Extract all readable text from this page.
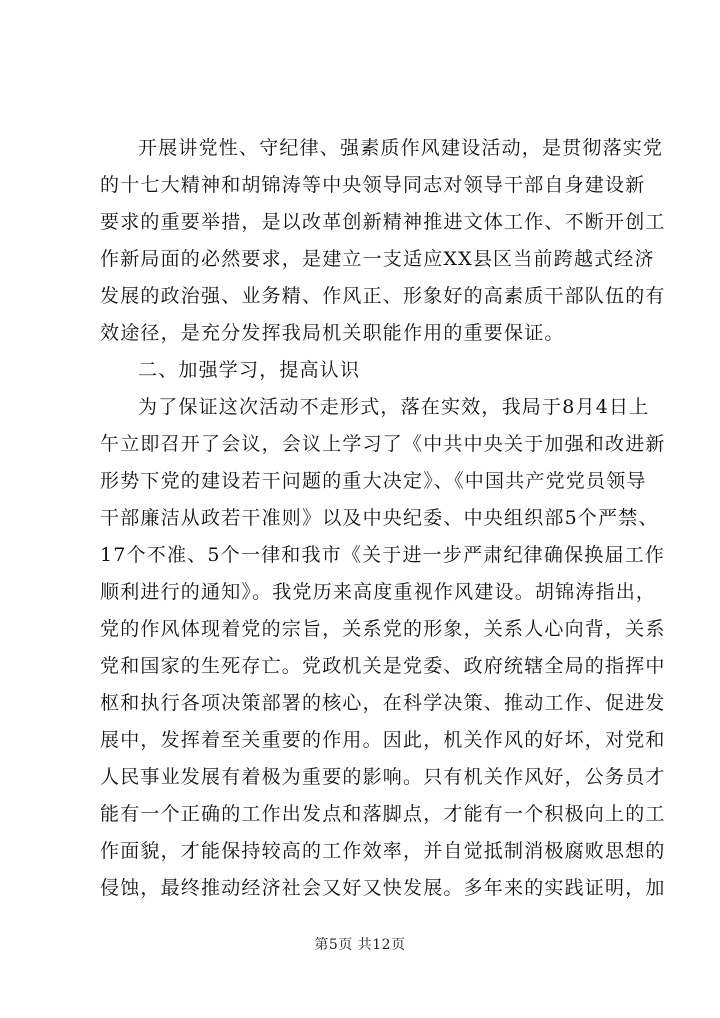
开展讲党性、守纪律、强素质作风建设活动，是贯彻落实党
的十七大精神和胡锦涛等中央领导同志对领导干部自身建设新
要求的重要举措，是以改革创新精神推进文体工作、不断开创工
作新局面的必然要求，是建立一支适应XX县区当前跨越式经济
发展的政治强、业务精、作风正、形象好的高素质干部队伍的有
效途径，是充分发挥我局机关职能作用的重要保证。
二、加强学习，提高认识
为了保证这次活动不走形式，落在实效，我局于8月4日上
午立即召开了会议，会议上学习了《中共中央关于加强和改进新
形势下党的建设若干问题的重大决定》、《中国共产党党员领导
干部廉洁从政若干准则》以及中央纪委、中央组织部5个严禁、
17个不准、5个一律和我市《关于进一步严肃纪律确保换届工作
顺利进行的通知》。我党历来高度重视作风建设。胡锦涛指出，
党的作风体现着党的宗旨，关系党的形象，关系人心向背，关系
党和国家的生死存亡。党政机关是党委、政府统辖全局的指挥中
枢和执行各项决策部署的核心，在科学决策、推动工作、促进发
展中，发挥着至关重要的作用。因此，机关作风的好坏，对党和
人民事业发展有着极为重要的影响。只有机关作风好，公务员才
能有一个正确的工作出发点和落脚点，才能有一个积极向上的工
作面貌，才能保持较高的工作效率，并自觉抵制消极腐败思想的
侵蚀，最终推动经济社会又好又快发展。多年来的实践证明，加
第5页 共12页
